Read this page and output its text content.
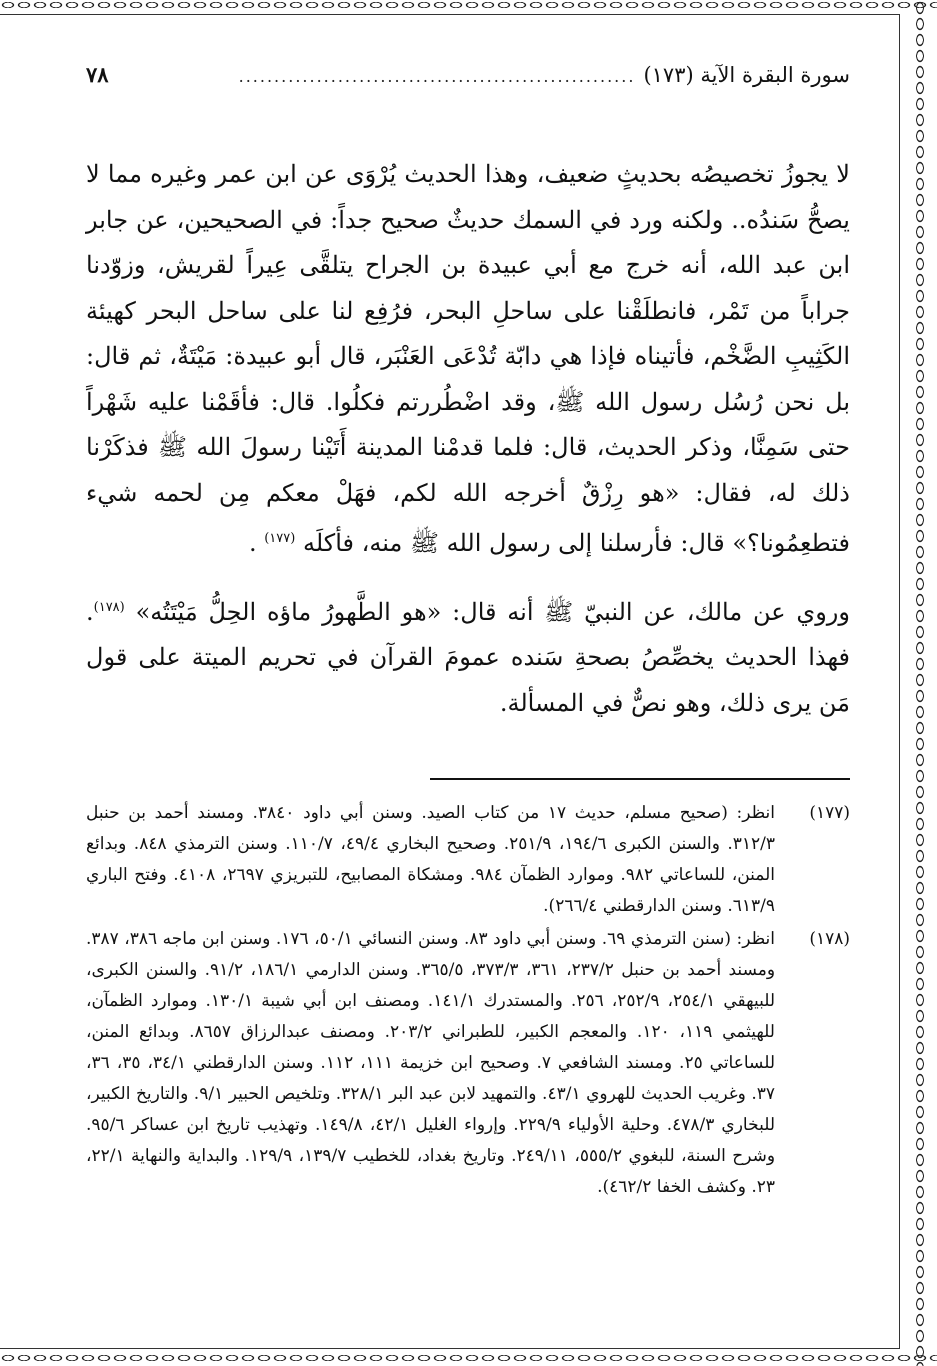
سورة البقرة الآية (١٧٣)
........................................................
٧٨

لا يجوزُ تخصيصُه بحديثٍ ضعيف، وهذا الحديث يُرْوَى عن ابن عمر وغيره مما لا يصحُّ سَندُه.. ولكنه ورد في السمك حديثٌ صحيح جداً: في الصحيحين، عن جابر ابن عبد الله، أنه خرج مع أبي عبيدة بن الجراح يتلقَّى عِيراً لقريش، وزوّدنا جراباً من تَمْر، فانطلَقْنا على ساحلِ البحر، فرُفِع لنا على ساحل البحر كهيئة الكَثِيبِ الضَّخْم، فأتيناه فإذا هي دابّة تُدْعَى العَنْبَر، قال أبو عبيدة: مَيْتَةٌ، ثم قال: بل نحن رُسُل رسول الله ﷺ، وقد اضْطُررتم فكلُوا. قال: فأقَمْنا عليه شَهْراً حتى سَمِنَّا، وذكر الحديث، قال: فلما قدمْنا المدينة أَتَيْنا رسولَ الله ﷺ فذكَرْنا ذلك له، فقال: «هو رِزْقٌ أخرجه الله لكم، فهَلْ معكم مِن لحمه شيء فتطعِمُونا؟» قال: فأرسلنا إلى رسول الله ﷺ منه، فأكلَه $^{(١٧٧)}$ .

وروي عن مالك، عن النبيّ ﷺ أنه قال: «هو الطَّهورُ ماؤه الحِلُّ مَيْتَتُه» $^{(١٧٨)}$. فهذا الحديث يخصِّصُ بصحةِ سَنده عمومَ القرآن في تحريم الميتة على قول مَن يرى ذلك، وهو نصٌّ في المسألة.

(١٧٧)
انظر: (صحيح مسلم، حديث ١٧ من كتاب الصيد. وسنن أبي داود ٣٨٤٠. ومسند أحمد بن حنبل ٣١٢/٣. والسنن الكبرى ١٩٤/٦، ٢٥١/٩. وصحيح البخاري ٤٩/٤، ١١٠/٧. وسنن الترمذي ٨٤٨. وبدائع المنن، للساعاتي ٩٨٢. وموارد الظمآن ٩٨٤. ومشكاة المصابيح، للتبريزي ٢٦٩٧، ٤١٠٨. وفتح الباري ٦١٣/٩. وسنن الدارقطني ٢٦٦/٤).
(١٧٨)
انظر: (سنن الترمذي ٦٩. وسنن أبي داود ٨٣. وسنن النسائي ٥٠/١، ١٧٦. وسنن ابن ماجه ٣٨٦، ٣٨٧. ومسند أحمد بن حنبل ٢٣٧/٢، ٣٦١، ٣٧٣/٣، ٣٦٥/٥. وسنن الدارمي ١٨٦/١، ٩١/٢. والسنن الكبرى، للبيهقي ٢٥٤/١، ٢٥٢/٩، ٢٥٦. والمستدرك ١٤١/١. ومصنف ابن أبي شيبة ١٣٠/١. وموارد الظمآن، للهيثمي ١١٩، ١٢٠. والمعجم الكبير، للطبراني ٢٠٣/٢. ومصنف عبدالرزاق ٨٦٥٧. وبدائع المنن، للساعاتي ٢٥. ومسند الشافعي ٧. وصحيح ابن خزيمة ١١١، ١١٢. وسنن الدارقطني ٣٤/١، ٣٥، ٣٦، ٣٧. وغريب الحديث للهروي ٤٣/١. والتمهيد لابن عبد البر ٣٢٨/١. وتلخيص الحبير ٩/١. والتاريخ الكبير، للبخاري ٤٧٨/٣. وحلية الأولياء ٢٢٩/٩. وإرواء الغليل ٤٢/١، ١٤٩/٨. وتهذيب تاريخ ابن عساكر ٩٥/٦. وشرح السنة، للبغوي ٥٥٥/٢، ٢٤٩/١١. وتاريخ بغداد، للخطيب ١٣٩/٧، ١٢٩/٩. والبداية والنهاية ٢٢/١، ٢٣. وكشف الخفا ٤٦٢/٢).
